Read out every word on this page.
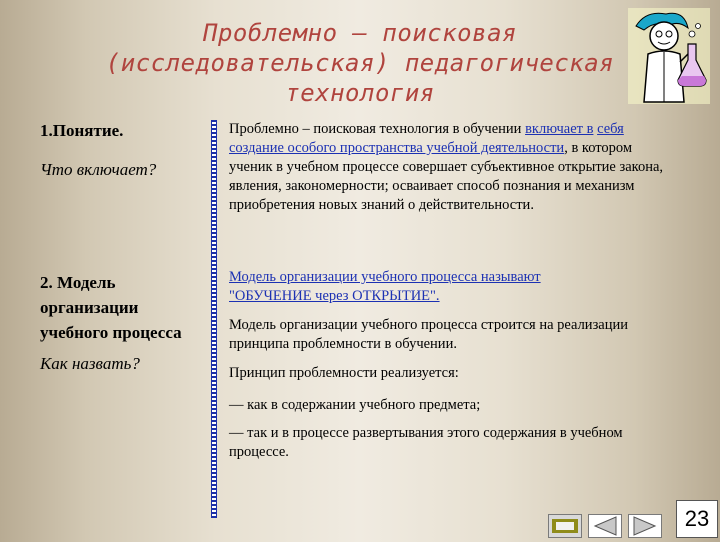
Проблемно – поисковая
(исследовательская) педагогическая
технология
1.Понятие.
Что включает?
2. Модель
организации
учебного процесса
Как назвать?
Проблемно – поисковая технология в обучении включает в себя создание особого пространства учебной деятельности, в котором ученик в учебном процессе совершает субъективное открытие закона, явления, закономерности; осваивает способ познания и механизм приобретения новых знаний о действительности.
Модель организации учебного процесса называют
"ОБУЧЕНИЕ через ОТКРЫТИЕ".
Модель организации учебного процесса строится на реализации принципа проблемности в обучении.
Принцип проблемности реализуется:
— как в содержании учебного предмета;
— так и в процессе развертывания этого содержания в учебном процессе.
23
